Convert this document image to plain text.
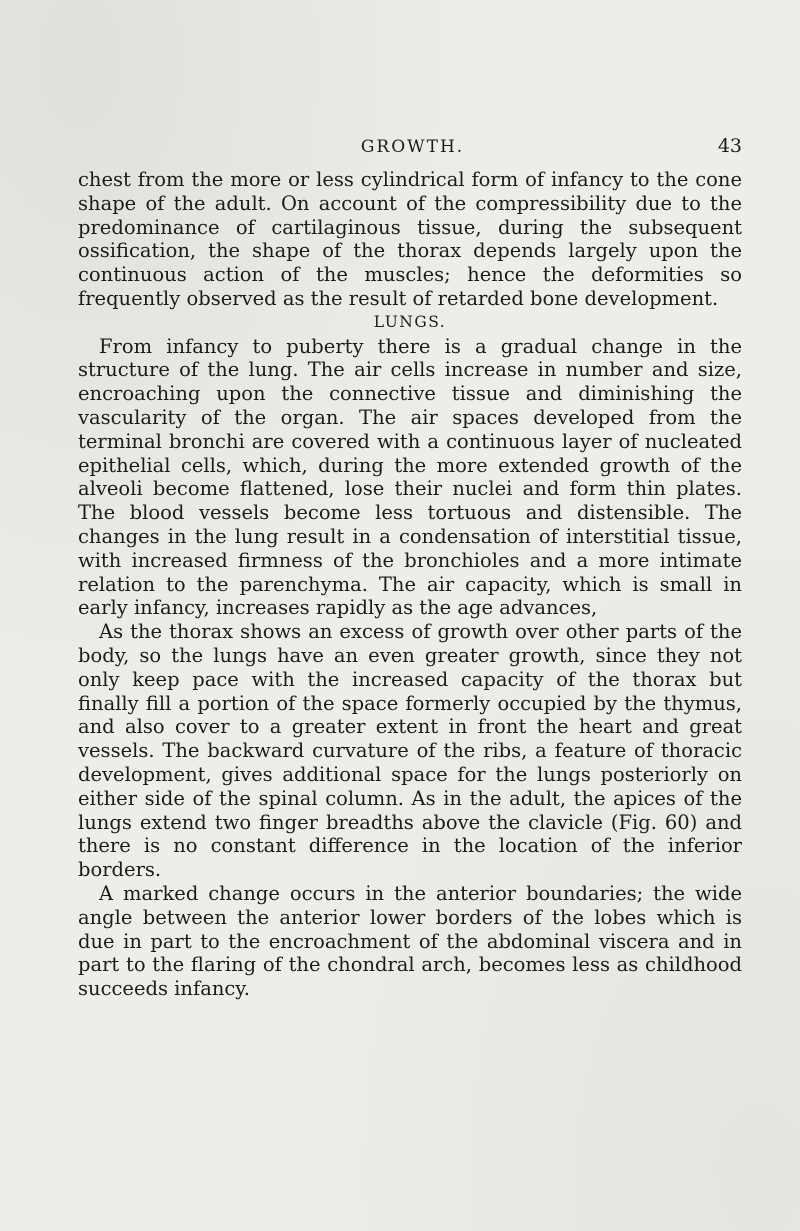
GROWTH.	43

chest from the more or less cylindrical form of infancy to the cone shape of the adult. On account of the compressibility due to the predominance of cartilaginous tissue, during the subsequent ossification, the shape of the thorax depends largely upon the continuous action of the muscles; hence the deformities so frequently observed as the result of retarded bone development.

LUNGS.

From infancy to puberty there is a gradual change in the structure of the lung. The air cells increase in number and size, encroaching upon the connective tissue and diminishing the vascularity of the organ. The air spaces developed from the terminal bronchi are covered with a continuous layer of nucleated epithelial cells, which, during the more extended growth of the alveoli become flattened, lose their nuclei and form thin plates. The blood vessels become less tortuous and distensible. The changes in the lung result in a condensation of interstitial tissue, with increased firmness of the bronchioles and a more intimate relation to the parenchyma. The air capacity, which is small in early infancy, increases rapidly as the age advances,

As the thorax shows an excess of growth over other parts of the body, so the lungs have an even greater growth, since they not only keep pace with the increased capacity of the thorax but finally fill a portion of the space formerly occupied by the thymus, and also cover to a greater extent in front the heart and great vessels. The backward curvature of the ribs, a feature of thoracic development, gives additional space for the lungs posteriorly on either side of the spinal column. As in the adult, the apices of the lungs extend two finger breadths above the clavicle (Fig. 60) and there is no constant difference in the location of the inferior borders.

A marked change occurs in the anterior boundaries; the wide angle between the anterior lower borders of the lobes which is due in part to the encroachment of the abdominal viscera and in part to the flaring of the chondral arch, becomes less as childhood succeeds infancy.
